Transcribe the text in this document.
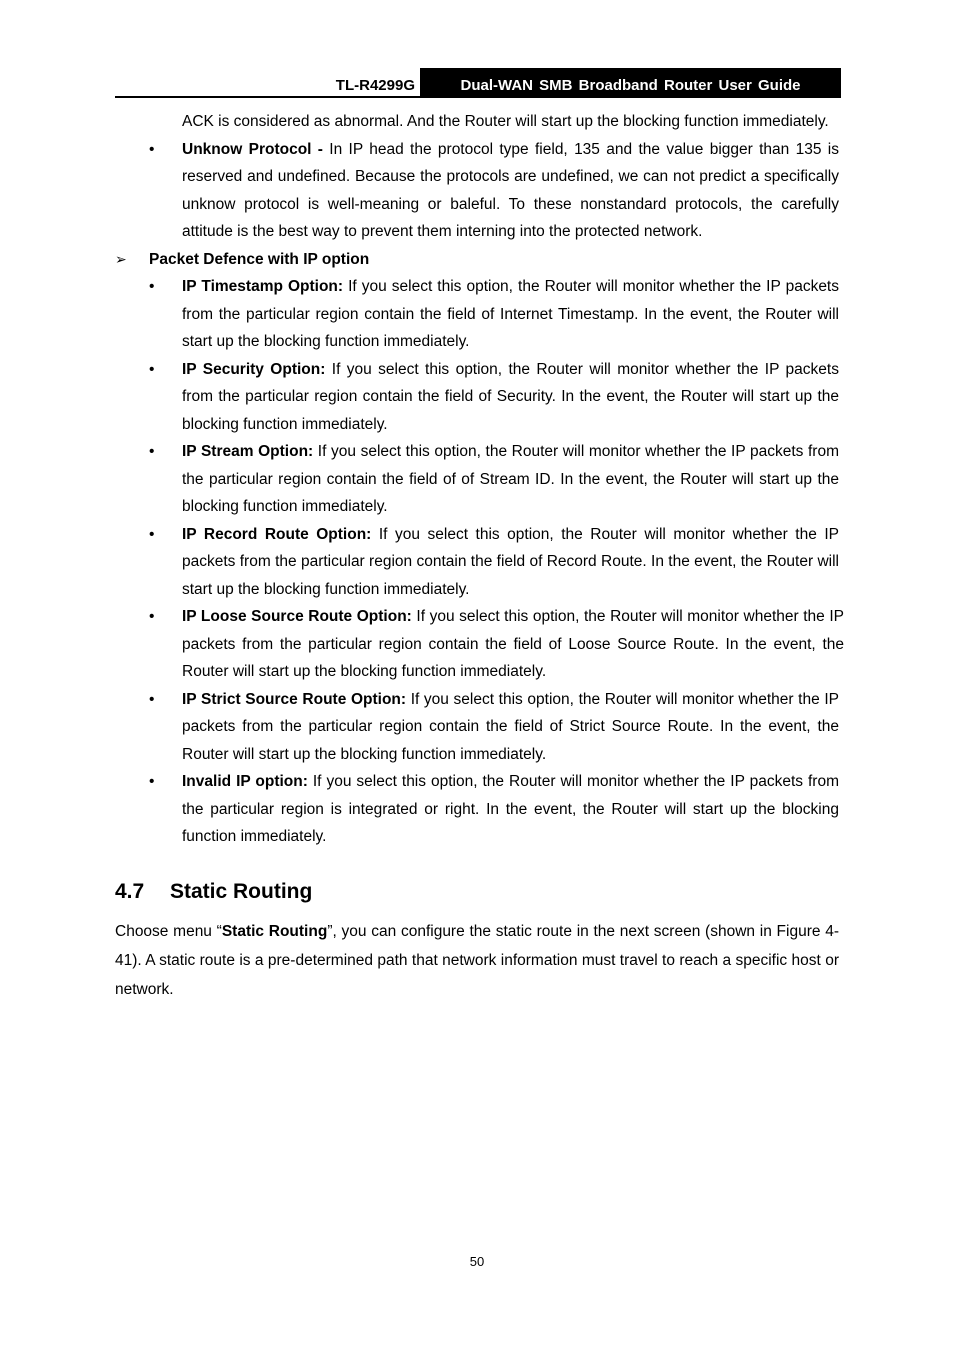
TL-R4299G	Dual-WAN SMB Broadband Router User Guide
ACK is considered as abnormal. And the Router will start up the blocking function immediately.
• Unknow Protocol - In IP head the protocol type field, 135 and the value bigger than 135 is reserved and undefined. Because the protocols are undefined, we can not predict a specifically unknow protocol is well-meaning or baleful. To these nonstandard protocols, the carefully attitude is the best way to prevent them interning into the protected network.
➢ Packet Defence with IP option
• IP Timestamp Option: If you select this option, the Router will monitor whether the IP packets from the particular region contain the field of Internet Timestamp. In the event, the Router will start up the blocking function immediately.
• IP Security Option: If you select this option, the Router will monitor whether the IP packets from the particular region contain the field of Security. In the event, the Router will start up the blocking function immediately.
• IP Stream Option: If you select this option, the Router will monitor whether the IP packets from the particular region contain the field of of Stream ID. In the event, the Router will start up the blocking function immediately.
• IP Record Route Option: If you select this option, the Router will monitor whether the IP packets from the particular region contain the field of Record Route. In the event, the Router will start up the blocking function immediately.
• IP Loose Source Route Option: If you select this option, the Router will monitor whether the IP packets from the particular region contain the field of Loose Source Route. In the event, the Router will start up the blocking function immediately.
• IP Strict Source Route Option: If you select this option, the Router will monitor whether the IP packets from the particular region contain the field of Strict Source Route. In the event, the Router will start up the blocking function immediately.
• Invalid IP option: If you select this option, the Router will monitor whether the IP packets from the particular region is integrated or right. In the event, the Router will start up the blocking function immediately.
4.7 Static Routing
Choose menu “Static Routing”, you can configure the static route in the next screen (shown in Figure 4-41). A static route is a pre-determined path that network information must travel to reach a specific host or network.
50
